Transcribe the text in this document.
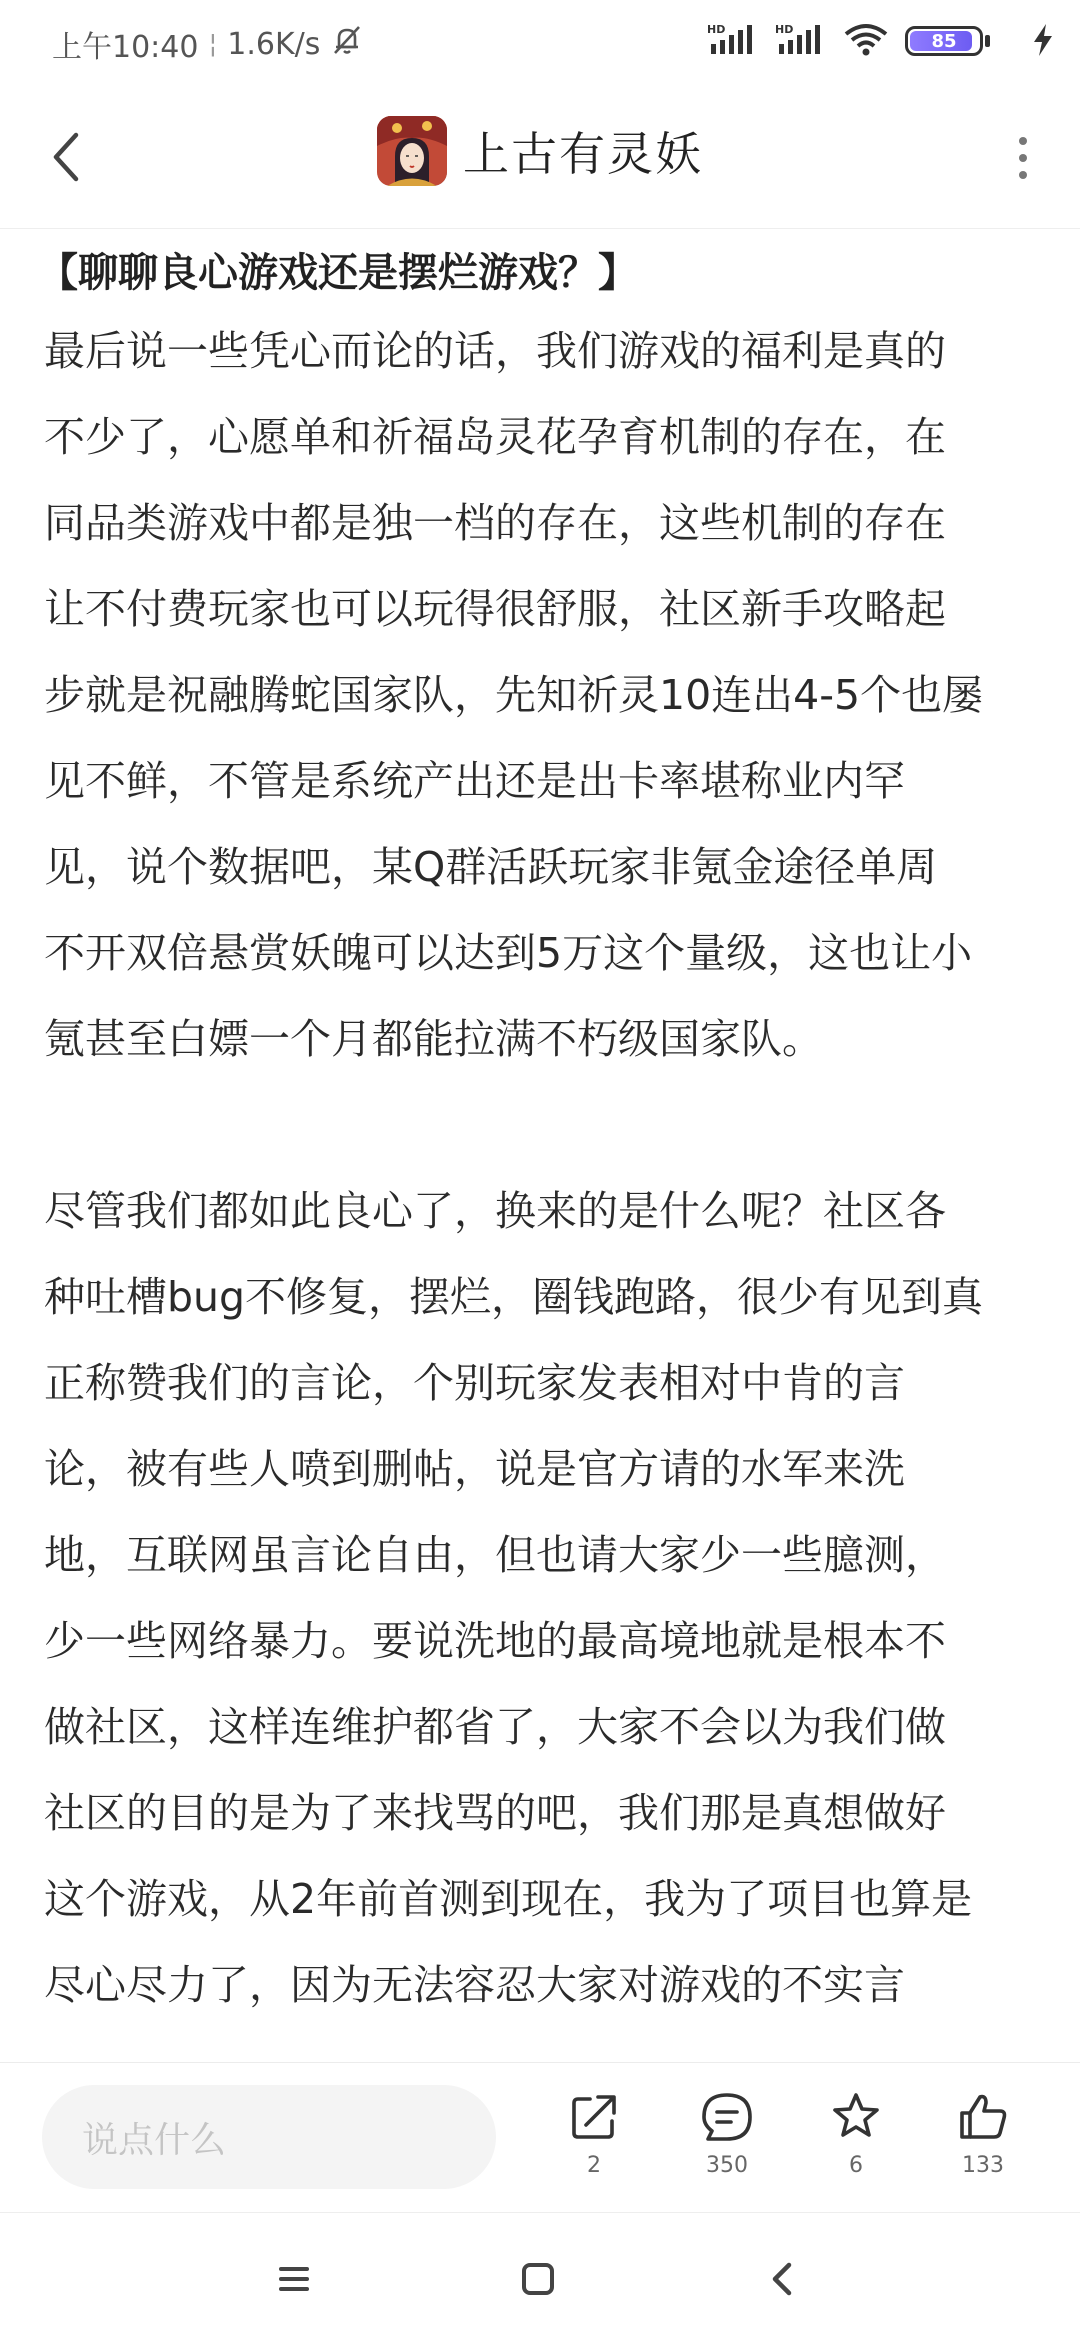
上午10:40 ¦ 1.6K/s	HD	HD
85
上古有灵妖
【聊聊良心游戏还是摆烂游戏？】

最后说一些凭心而论的话，我们游戏的福利是真的

不少了，心愿单和祈福岛灵花孕育机制的存在，在

同品类游戏中都是独一档的存在，这些机制的存在

让不付费玩家也可以玩得很舒服，社区新手攻略起

步就是祝融腾蛇国家队，先知祈灵10连出4-5个也屡

见不鲜，不管是系统产出还是出卡率堪称业内罕

见，说个数据吧，某Q群活跃玩家非氪金途径单周

不开双倍悬赏妖魄可以达到5万这个量级，这也让小

氪甚至白嫖一个月都能拉满不朽级国家队。

尽管我们都如此良心了，换来的是什么呢？社区各

种吐槽bug不修复，摆烂，圈钱跑路，很少有见到真

正称赞我们的言论，个别玩家发表相对中肯的言

论，被有些人喷到删帖，说是官方请的水军来洗

地，互联网虽言论自由，但也请大家少一些臆测，

少一些网络暴力。要说洗地的最高境地就是根本不

做社区，这样连维护都省了，大家不会以为我们做

社区的目的是为了来找骂的吧，我们那是真想做好

这个游戏，从2年前首测到现在，我为了项目也算是

尽心尽力了，因为无法容忍大家对游戏的不实言

说点什么
2	350	6	133
